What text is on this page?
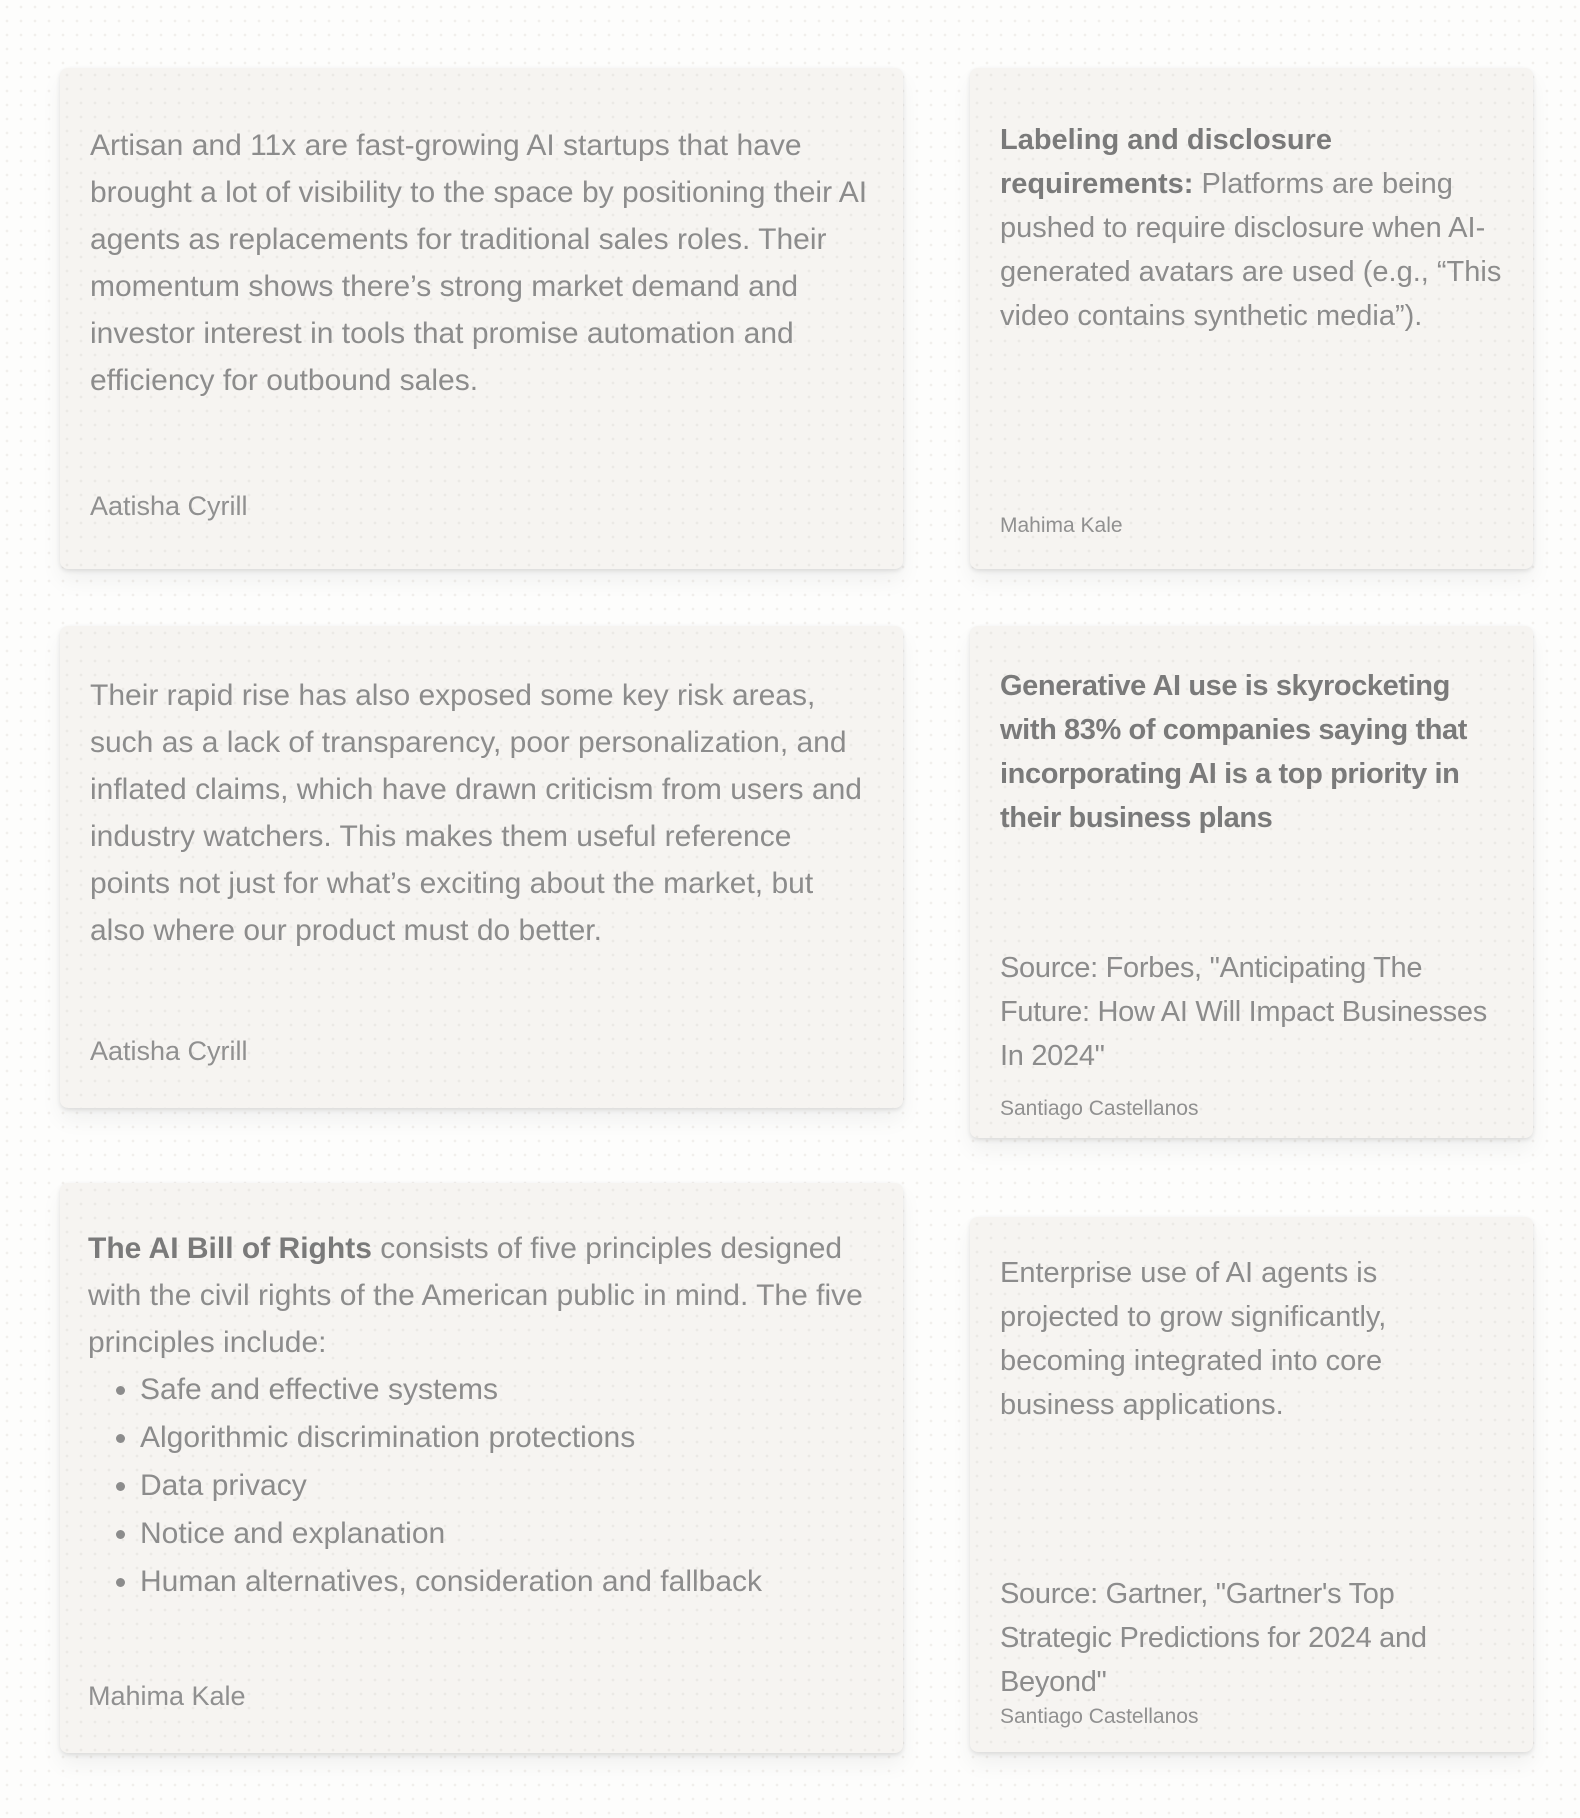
Artisan and 11x are fast-growing AI startups that have brought a lot of visibility to the space by positioning their AI agents as replacements for traditional sales roles. Their momentum shows there’s strong market demand and investor interest in tools that promise automation and efficiency for outbound sales.

Aatisha Cyrill

Their rapid rise has also exposed some key risk areas, such as a lack of transparency, poor personalization, and inflated claims, which have drawn criticism from users and industry watchers. This makes them useful reference points not just for what’s exciting about the market, but also where our product must do better.

Aatisha Cyrill

The AI Bill of Rights consists of five principles designed with the civil rights of the American public in mind. The five principles include:

• Safe and effective systems
• Algorithmic discrimination protections
• Data privacy
• Notice and explanation
• Human alternatives, consideration and fallback
Mahima Kale

Labeling and disclosure requirements: Platforms are being pushed to require disclosure when AI-generated avatars are used (e.g., “This video contains synthetic media”).

Mahima Kale

Generative AI use is skyrocketing with 83% of companies saying that incorporating AI is a top priority in their business plans

Source: Forbes, "Anticipating The Future: How AI Will Impact Businesses In 2024"

Santiago Castellanos

Enterprise use of AI agents is projected to grow significantly, becoming integrated into core business applications.

Source: Gartner, "Gartner's Top Strategic Predictions for 2024 and Beyond"

Santiago Castellanos
